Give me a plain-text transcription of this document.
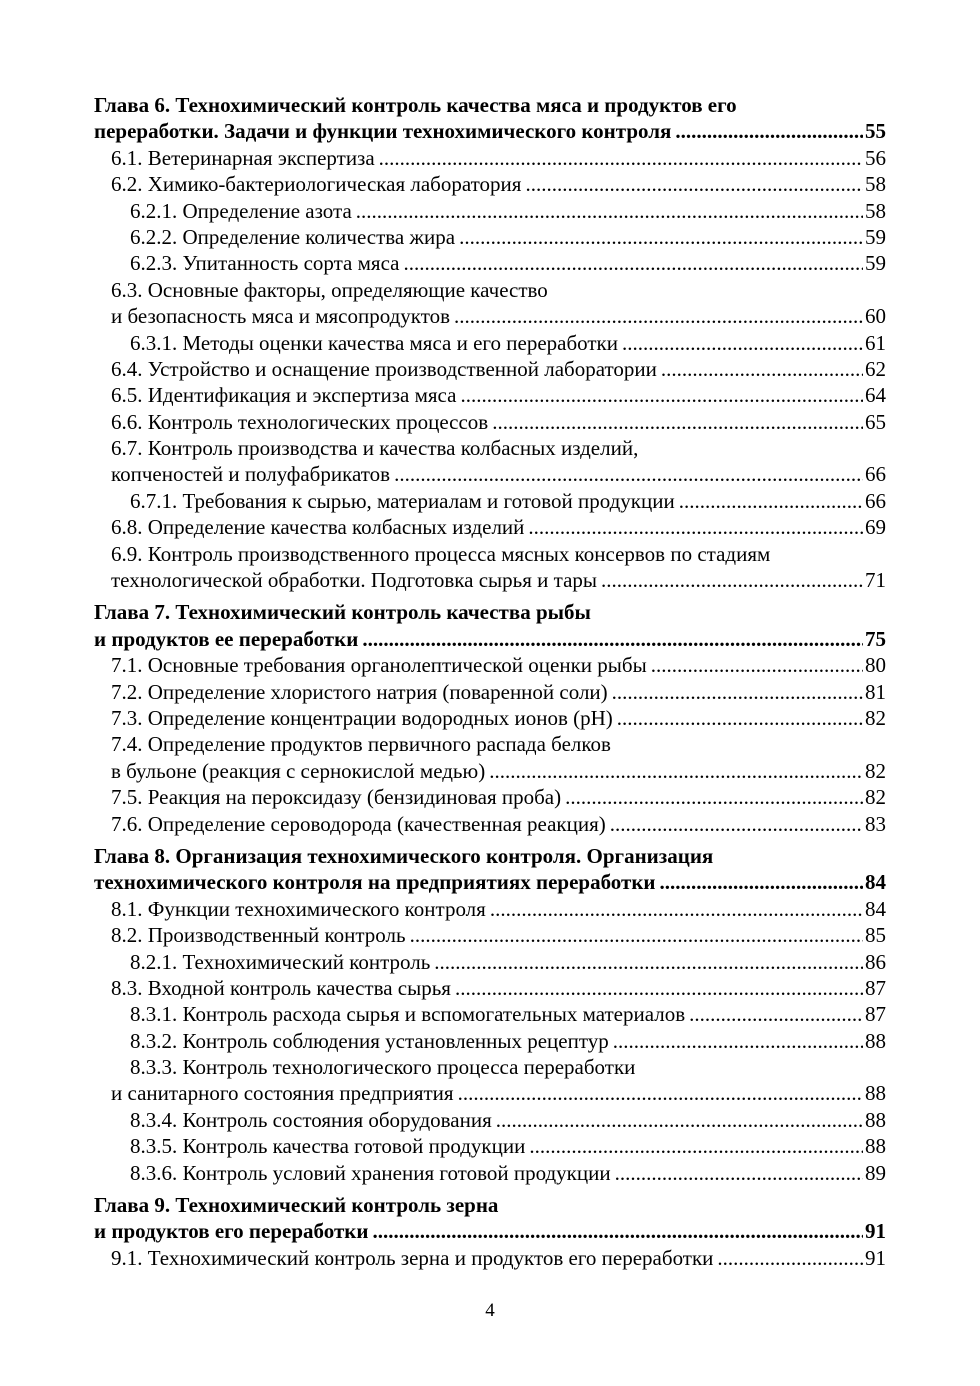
Глава 6. Технохимический контроль качества мяса и продуктов его
переработки. Задачи и функции технохимического контроля .....	55
6.1. Ветеринарная экспертиза .....	56
6.2. Химико-бактериологическая лаборатория .....	58
6.2.1. Определение азота .....	58
6.2.2. Определение количества жира .....	59
6.2.3. Упитанность сорта мяса .....	59
6.3. Основные факторы, определяющие качество
и безопасность мяса и мясопродуктов .....	60
6.3.1. Методы оценки качества мяса и его переработки .....	61
6.4. Устройство и оснащение производственной лаборатории .....	62
6.5. Идентификация и экспертиза мяса .....	64
6.6. Контроль технологических процессов .....	65
6.7. Контроль производства и качества колбасных изделий,
копченостей и полуфабрикатов .....	66
6.7.1. Требования к сырью, материалам и готовой продукции .....	66
6.8. Определение качества колбасных изделий .....	69
6.9. Контроль производственного процесса мясных консервов по стадиям
технологической обработки. Подготовка сырья и тары .....	71
Глава 7. Технохимический контроль качества рыбы
и продуктов ее переработки .....	75
7.1. Основные требования органолептической оценки рыбы .....	80
7.2. Определение хлористого натрия (поваренной соли) .....	81
7.3. Определение концентрации водородных ионов (рН) .....	82
7.4. Определение продуктов первичного распада белков
в бульоне (реакция с сернокислой медью) .....	82
7.5. Реакция на пероксидазу (бензидиновая проба) .....	82
7.6. Определение сероводорода (качественная реакция) .....	83
Глава 8. Организация технохимического контроля. Организация
технохимического контроля на предприятиях переработки .....	84
8.1. Функции технохимического контроля .....	84
8.2. Производственный контроль .....	85
8.2.1. Технохимический контроль .....	86
8.3. Входной контроль качества сырья .....	87
8.3.1. Контроль расхода сырья и вспомогательных материалов .....	87
8.3.2. Контроль соблюдения установленных рецептур .....	88
8.3.3. Контроль технологического процесса переработки
и санитарного состояния предприятия .....	88
8.3.4. Контроль состояния оборудования .....	88
8.3.5. Контроль качества готовой продукции .....	88
8.3.6. Контроль условий хранения готовой продукции .....	89
Глава 9. Технохимический контроль зерна
и продуктов его переработки .....	91
9.1. Технохимический контроль зерна и продуктов его переработки .....	91
4
